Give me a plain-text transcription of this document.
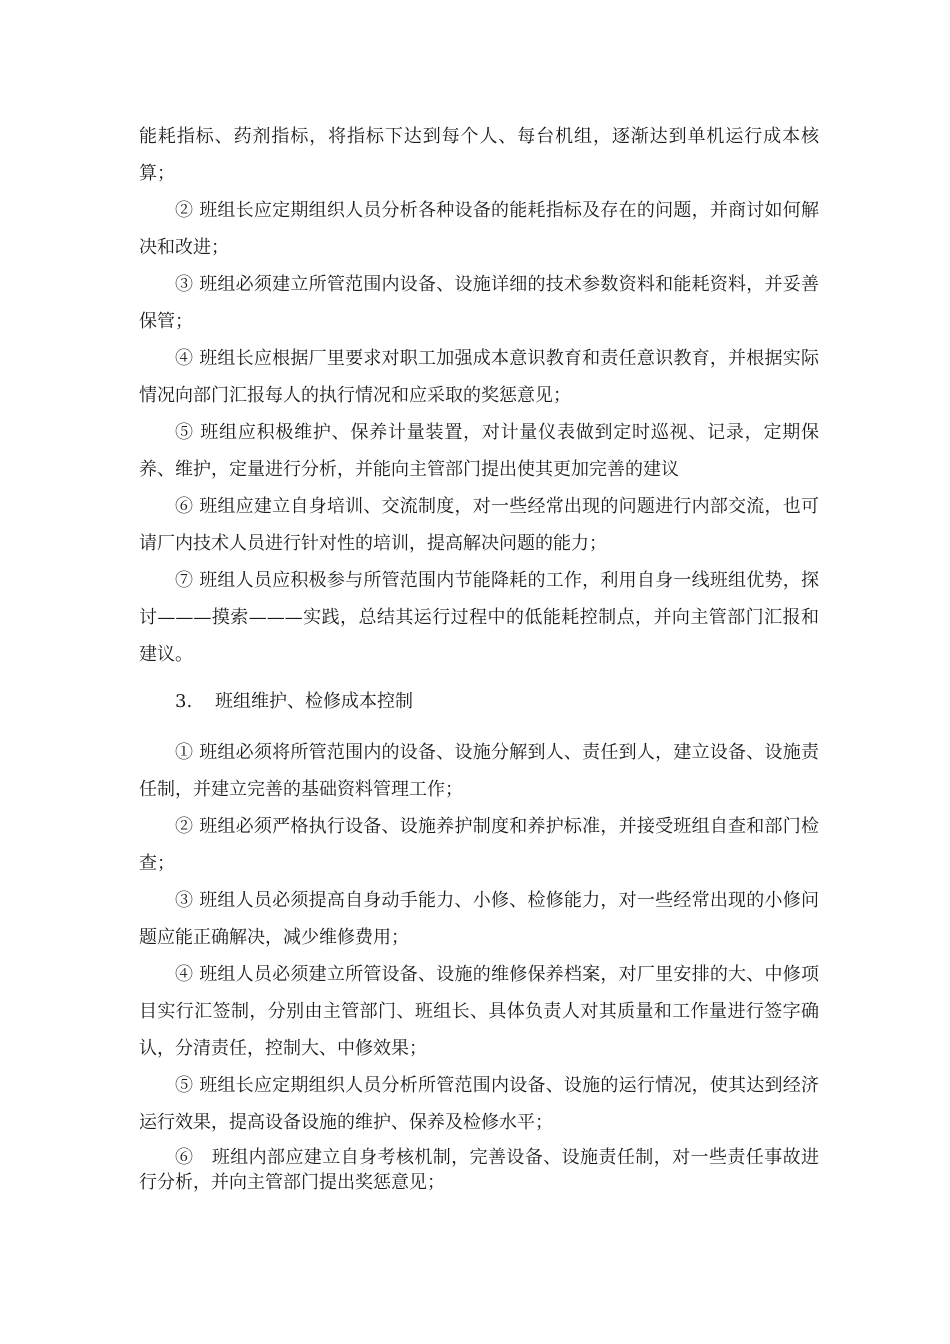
能耗指标、药剂指标，将指标下达到每个人、每台机组，逐渐达到单机运行成本核算；

② 班组长应定期组织人员分析各种设备的能耗指标及存在的问题，并商讨如何解决和改进；

③ 班组必须建立所管范围内设备、设施详细的技术参数资料和能耗资料，并妥善保管；

④ 班组长应根据厂里要求对职工加强成本意识教育和责任意识教育，并根据实际情况向部门汇报每人的执行情况和应采取的奖惩意见；

⑤ 班组应积极维护、保养计量装置，对计量仪表做到定时巡视、记录，定期保养、维护，定量进行分析，并能向主管部门提出使其更加完善的建议

⑥ 班组应建立自身培训、交流制度，对一些经常出现的问题进行内部交流，也可请厂内技术人员进行针对性的培训，提高解决问题的能力；

⑦ 班组人员应积极参与所管范围内节能降耗的工作，利用自身一线班组优势，探讨———摸索———实践，总结其运行过程中的低能耗控制点，并向主管部门汇报和建议。

3. 班组维护、检修成本控制

① 班组必须将所管范围内的设备、设施分解到人、责任到人，建立设备、设施责任制，并建立完善的基础资料管理工作；

② 班组必须严格执行设备、设施养护制度和养护标准，并接受班组自查和部门检查；

③ 班组人员必须提高自身动手能力、小修、检修能力，对一些经常出现的小修问题应能正确解决，减少维修费用；

④ 班组人员必须建立所管设备、设施的维修保养档案，对厂里安排的大、中修项目实行汇签制，分别由主管部门、班组长、具体负责人对其质量和工作量进行签字确认，分清责任，控制大、中修效果；

⑤ 班组长应定期组织人员分析所管范围内设备、设施的运行情况，使其达到经济运行效果，提高设备设施的维护、保养及检修水平；

⑥　班组内部应建立自身考核机制，完善设备、设施责任制，对一些责任事故进行分析，并向主管部门提出奖惩意见；
